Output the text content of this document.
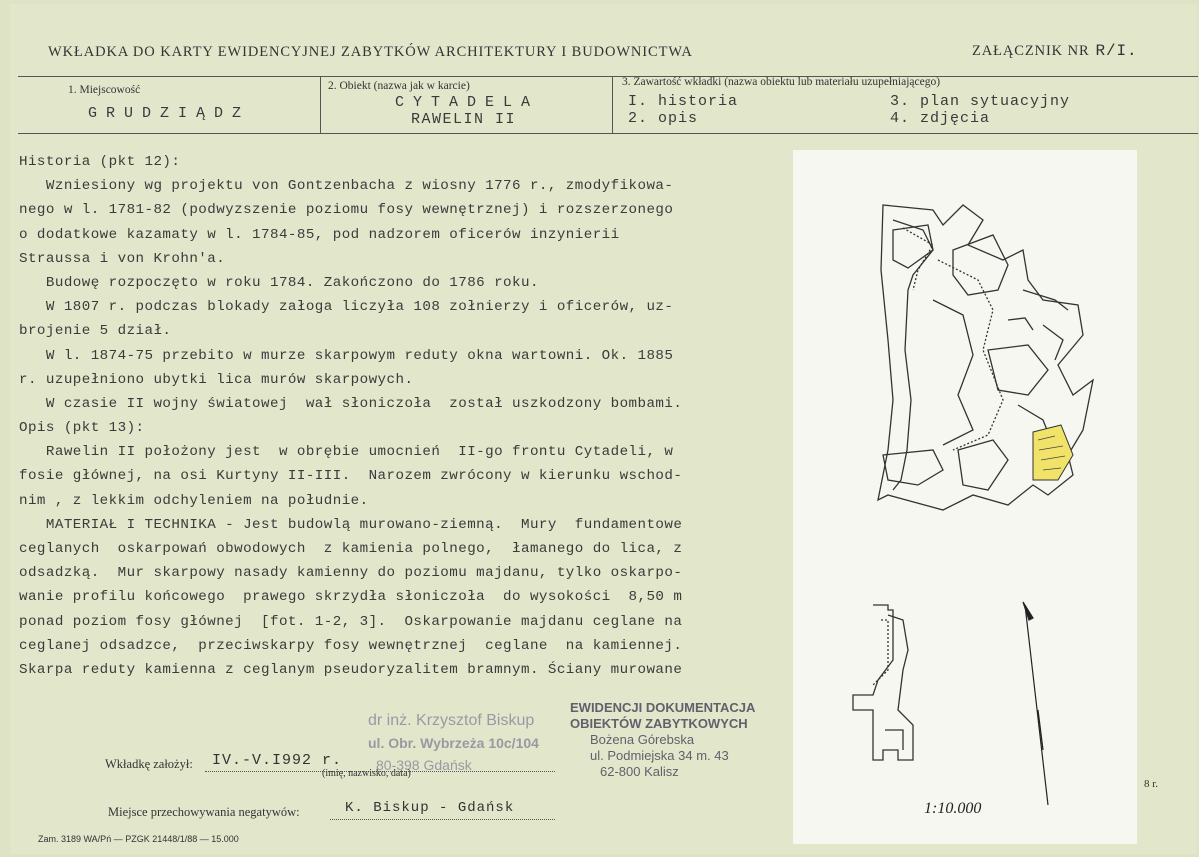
WKŁADKA DO KARTY EWIDENCYJNEJ ZABYTKÓW ARCHITEKTURY I BUDOWNICTWA	ZAŁĄCZNIK NR R/I.
1. Miejscowość
GRUDZIĄDZ
2. Obiekt (nazwa jak w karcie)
CYTADELA
RAWELIN II
3. Zawartość wkładki (nazwa obiektu lub materiału uzupełniającego)
I. historia
2. opis
3. plan sytuacyjny
4. zdjęcia
Historia (pkt 12):
Wzniesiony wg projektu von Gontzenbacha z wiosny 1776 r., zmodyfikowa-
nego w l. 1781-82 (podwyzszenie poziomu fosy wewnętrznej) i rozszerzonego
o dodatkowe kazamaty w l. 1784-85, pod nadzorem oficerów inzynierii
Straussa i von Krohn'a.
Budowę rozpoczęto w roku 1784. Zakończono do 1786 roku.
W 1807 r. podczas blokady załoga liczyła 108 zołnierzy i oficerów, uz-
brojenie 5 dział.
W l. 1874-75 przebito w murze skarpowym reduty okna wartowni. Ok. 1885
r. uzupełniono ubytki lica murów skarpowych.
W czasie II wojny światowej  wał słoniczoła  został uszkodzony bombami.
Opis (pkt 13):
Rawelin II położony jest  w obrębie umocnień  II-go frontu Cytadeli, w
fosie głównej, na osi Kurtyny II-III.  Narozem zwrócony w kierunku wschod-
nim , z lekkim odchyleniem na południe.
MATERIAŁ I TECHNIKA - Jest budowlą murowano-ziemną.  Mury  fundamentowe
ceglanych  oskarpowań obwodowych  z kamienia polnego,  łamanego do lica, z
odsadzką.  Mur skarpowy nasady kamienny do poziomu majdanu, tylko oskarpo-
wanie profilu końcowego  prawego skrzydła słoniczoła  do wysokości  8,50 m
ponad poziom fosy głównej  [fot. 1-2, 3].  Oskarpowanie majdanu ceglane na
ceglanej odsadzce,  przeciwskarpy fosy wewnętrznej  ceglane  na kamiennej.
Skarpa reduty kamienna z ceglanym pseudoryzalitem bramnym. Ściany murowane
1:10.000
8 r.
dr inż. Krzysztof Biskup
ul. Obr. Wybrzeża 10c/104
80-398 Gdańsk
EWIDENCJI DOKUMENTACJA
OBIEKTÓW ZABYTKOWYCH
Bożena Górebska
ul. Podmiejska 34 m. 43
62-800 Kalisz
Wkładkę założył: IV.-V.I992 r.
(imię, nazwisko, data)
Miejsce przechowywania negatywów:	K. Biskup - Gdańsk
Zam. 3189 WA/Pń — PZGK 21448/1/88 — 15.000
